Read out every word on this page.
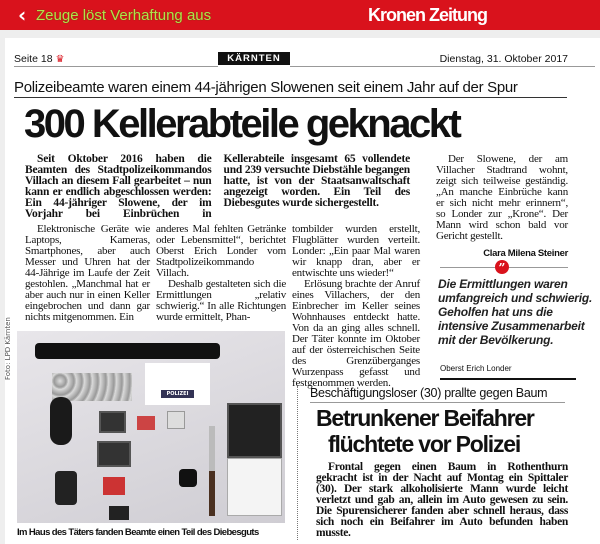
‹ Zeuge löst Verhaftung aus	Kronen Zeitung
Seite 18 ♛	KÄRNTEN	Dienstag, 31. Oktober 2017
Polizeibeamte waren einem 44-jährigen Slowenen seit einem Jahr auf der Spur
300 Kellerabteile geknackt

Seit Oktober 2016 haben die Beamten des Stadtpolizeikommandos Villach an diesem Fall gearbeitet – nun kann er endlich abgeschlossen werden: Ein 44-jähriger Slowene, der im Vorjahr bei Einbrüchen in Kellerabteile insgesamt 65 vollendete und 239 versuchte Diebstähle begangen hatte, ist von der Staatsanwaltschaft angezeigt worden. Ein Teil des Diebesgutes wurde sichergestellt.

Elektronische Geräte wie Laptops, Kameras, Smartphones, aber auch Messer und Uhren hat der 44-Jährige im Laufe der Zeit gestohlen. „Manchmal hat er aber auch nur in einen Keller eingebrochen und dann gar nichts mitgenommen. Ein

anderes Mal fehlten Getränke oder Lebensmittel“, berichtet Oberst Erich Londer vom Stadtpolizeikommando Villach.

Deshalb gestalteten sich die Ermittlungen „relativ schwierig.“ In alle Richtungen wurde ermittelt, Phan-

tombilder wurden erstellt, Flugblätter wurden verteilt. Londer: „Ein paar Mal waren wir knapp dran, aber er entwischte uns wieder!“

Erlösung brachte der Anruf eines Villachers, der den Einbrecher im Keller seines Wohnhauses entdeckt hatte. Von da an ging alles schnell. Der Täter konnte im Oktober auf der österreichischen Seite des Grenzüberganges Wurzenpass gefasst und festgenommen werden.

Der Slowene, der am Villacher Stadtrand wohnt, zeigt sich teilweise geständig. „An manche Einbrüche kann er sich nicht mehr erinnern“, so Londer zur „Krone“. Der Mann wird schon bald vor Gericht gestellt.

Clara Milena Steiner
”
Die Ermittlungen waren umfangreich und schwierig. Geholfen hat uns die intensive Zusammenarbeit mit der Bevölkerung.
Oberst Erich Londer
Foto: LPD Kärnten
POLIZEI
Im Haus des Täters fanden Beamte einen Teil des Diebesguts
Beschäftigungsloser (30) prallte gegen Baum
Betrunkener Beifahrer
flüchtete vor Polizei

Frontal gegen einen Baum in Rothenthurn gekracht ist in der Nacht auf Montag ein Spittaler (30). Der stark alkoholisierte Mann wurde leicht verletzt und gab an, allein im Auto gewesen zu sein. Die Spurensicherer fanden aber schnell heraus, dass sich noch ein Beifahrer im Auto befunden haben musste.
